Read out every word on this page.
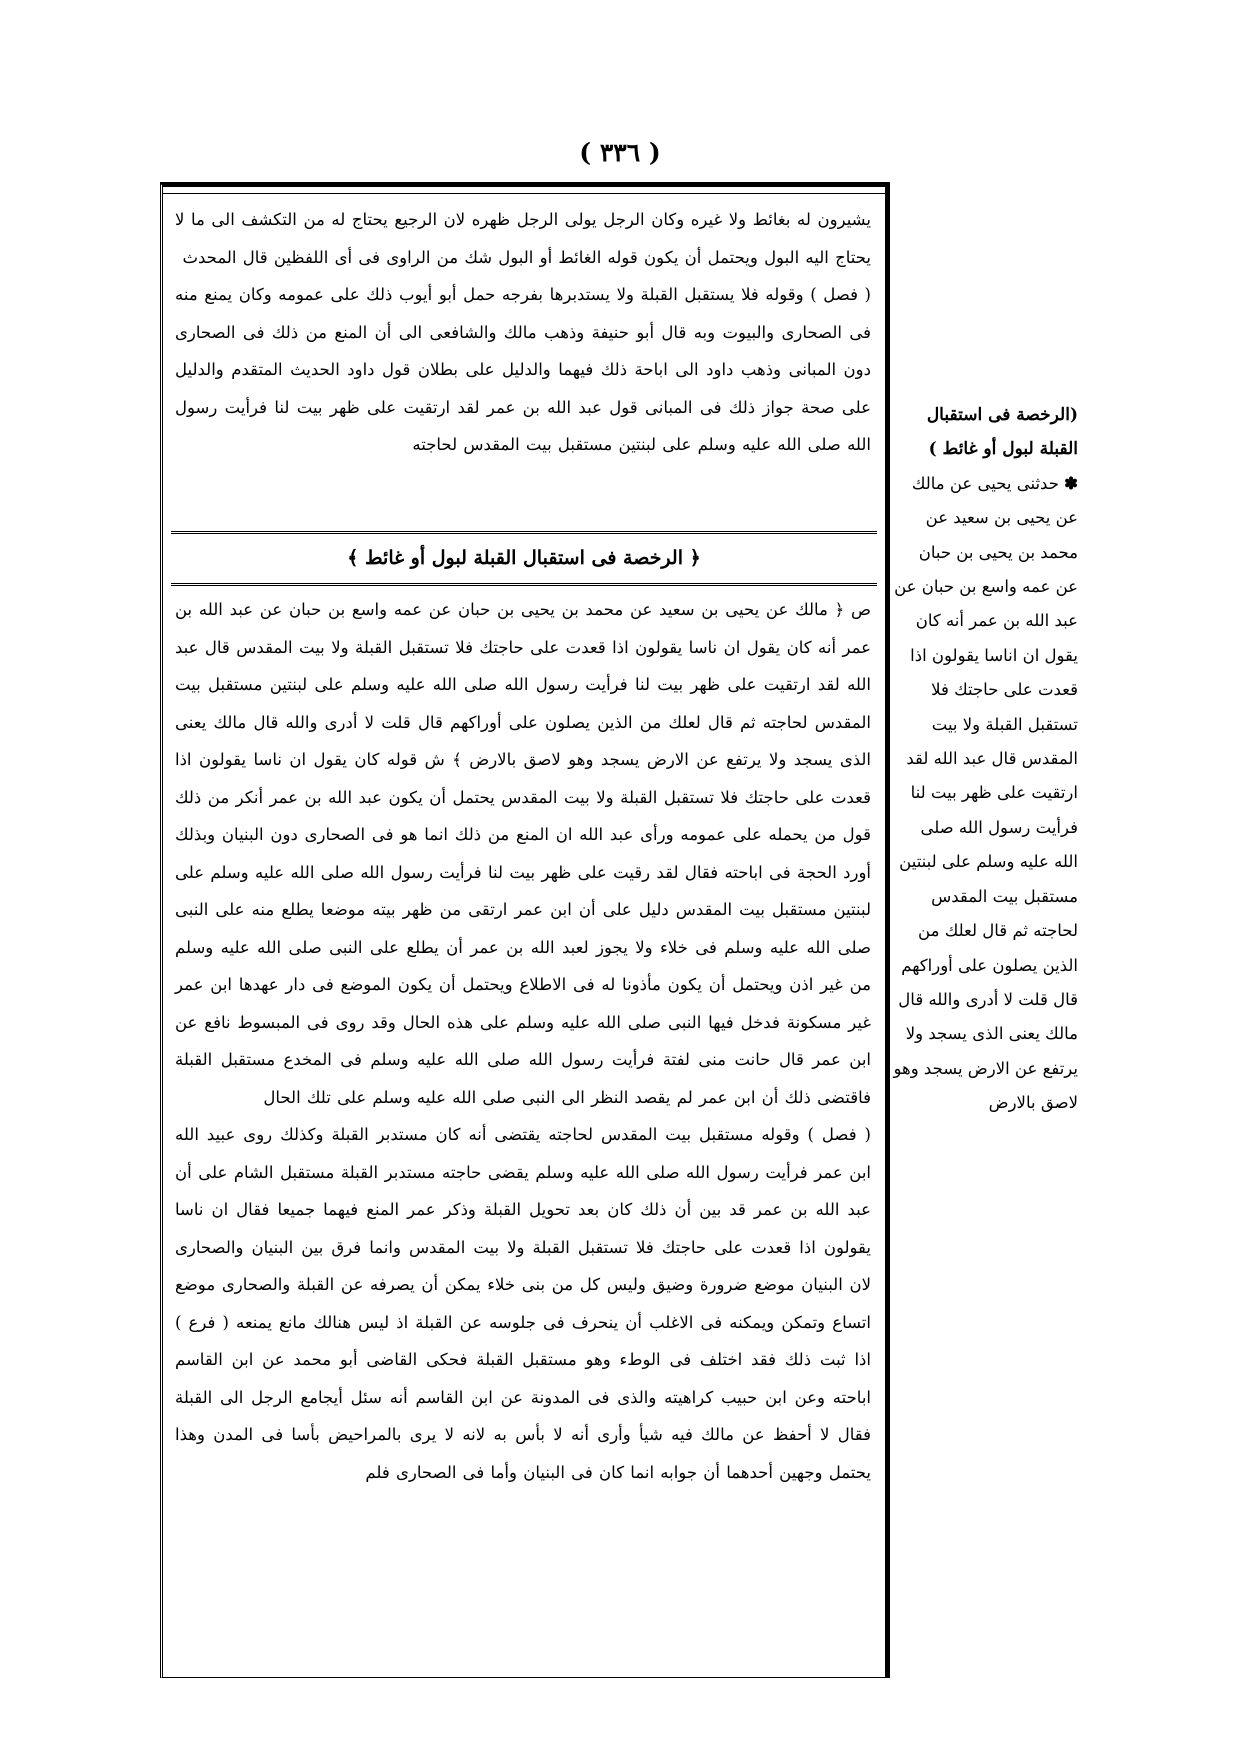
( ٣٣٦ )

يشيرون له بغائط ولا غيره وكان الرجل يولى الرجل ظهره لان الرجيع يحتاج له من التكشف الى ما لا يحتاج اليه البول ويحتمل أن يكون قوله الغائط أو البول شك من الراوى فى أى اللفظين قال المحدث

( فصل ) وقوله فلا يستقبل القبلة ولا يستدبرها بفرجه حمل أبو أيوب ذلك على عمومه وكان يمنع منه فى الصحارى والبيوت وبه قال أبو حنيفة وذهب مالك والشافعى الى أن المنع من ذلك فى الصحارى دون المبانى وذهب داود الى اباحة ذلك فيهما والدليل على بطلان قول داود الحديث المتقدم والدليل على صحة جواز ذلك فى المبانى قول عبد الله بن عمر لقد ارتقيت على ظهر بيت لنا فرأيت رسول الله صلى الله عليه وسلم على لبنتين مستقبل بيت المقدس لحاجته

﴿ الرخصة فى استقبال القبلة لبول أو غائط ﴾

ص ﴿ مالك عن يحيى بن سعيد عن محمد بن يحيى بن حبان عن عمه واسع بن حبان عن عبد الله بن عمر أنه كان يقول ان ناسا يقولون اذا قعدت على حاجتك فلا تستقبل القبلة ولا بيت المقدس قال عبد الله لقد ارتقيت على ظهر بيت لنا فرأيت رسول الله صلى الله عليه وسلم على لبنتين مستقبل بيت المقدس لحاجته ثم قال لعلك من الذين يصلون على أوراكهم قال قلت لا أدرى والله قال مالك يعنى الذى يسجد ولا يرتفع عن الارض يسجد وهو لاصق بالارض ﴾ ش قوله كان يقول ان ناسا يقولون اذا قعدت على حاجتك فلا تستقبل القبلة ولا بيت المقدس يحتمل أن يكون عبد الله بن عمر أنكر من ذلك قول من يحمله على عمومه ورأى عبد الله ان المنع من ذلك انما هو فى الصحارى دون البنيان وبذلك أورد الحجة فى اباحته فقال لقد رقيت على ظهر بيت لنا فرأيت رسول الله صلى الله عليه وسلم على لبنتين مستقبل بيت المقدس دليل على أن ابن عمر ارتقى من ظهر بيته موضعا يطلع منه على النبى صلى الله عليه وسلم فى خلاء ولا يجوز لعبد الله بن عمر أن يطلع على النبى صلى الله عليه وسلم من غير اذن ويحتمل أن يكون مأذونا له فى الاطلاع ويحتمل أن يكون الموضع فى دار عهدها ابن عمر غير مسكونة فدخل فيها النبى صلى الله عليه وسلم على هذه الحال وقد روى فى المبسوط نافع عن ابن عمر قال حانت منى لفتة فرأيت رسول الله صلى الله عليه وسلم فى المخدع مستقبل القبلة فاقتضى ذلك أن ابن عمر لم يقصد النظر الى النبى صلى الله عليه وسلم على تلك الحال

( فصل ) وقوله مستقبل بيت المقدس لحاجته يقتضى أنه كان مستدبر القبلة وكذلك روى عبيد الله ابن عمر فرأيت رسول الله صلى الله عليه وسلم يقضى حاجته مستدبر القبلة مستقبل الشام على أن عبد الله بن عمر قد بين أن ذلك كان بعد تحويل القبلة وذكر عمر المنع فيهما جميعا فقال ان ناسا يقولون اذا قعدت على حاجتك فلا تستقبل القبلة ولا بيت المقدس وانما فرق بين البنيان والصحارى لان البنيان موضع ضرورة وضيق وليس كل من بنى خلاء يمكن أن يصرفه عن القبلة والصحارى موضع اتساع وتمكن ويمكنه فى الاغلب أن ينحرف فى جلوسه عن القبلة اذ ليس هنالك مانع يمنعه ( فرع ) اذا ثبت ذلك فقد اختلف فى الوطء وهو مستقبل القبلة فحكى القاضى أبو محمد عن ابن القاسم اباحته وعن ابن حبيب كراهيته والذى فى المدونة عن ابن القاسم أنه سئل أيجامع الرجل الى القبلة فقال لا أحفظ عن مالك فيه شيأ وأرى أنه لا بأس به لانه لا يرى بالمراحيض بأسا فى المدن وهذا يحتمل وجهين أحدهما أن جوابه انما كان فى البنيان وأما فى الصحارى فلم

(الرخصة فى استقبال القبلة لبول أو غائط )

✽ حدثنى يحيى عن مالك عن يحيى بن سعيد عن محمد بن يحيى بن حبان عن عمه واسع بن حبان عن عبد الله بن عمر أنه كان يقول ان اناسا يقولون اذا قعدت على حاجتك فلا تستقبل القبلة ولا بيت المقدس قال عبد الله لقد ارتقيت على ظهر بيت لنا فرأيت رسول الله صلى الله عليه وسلم على لبنتين مستقبل بيت المقدس لحاجته ثم قال لعلك من الذين يصلون على أوراكهم قال قلت لا أدرى والله قال مالك يعنى الذى يسجد ولا يرتفع عن الارض يسجد وهو لاصق بالارض
